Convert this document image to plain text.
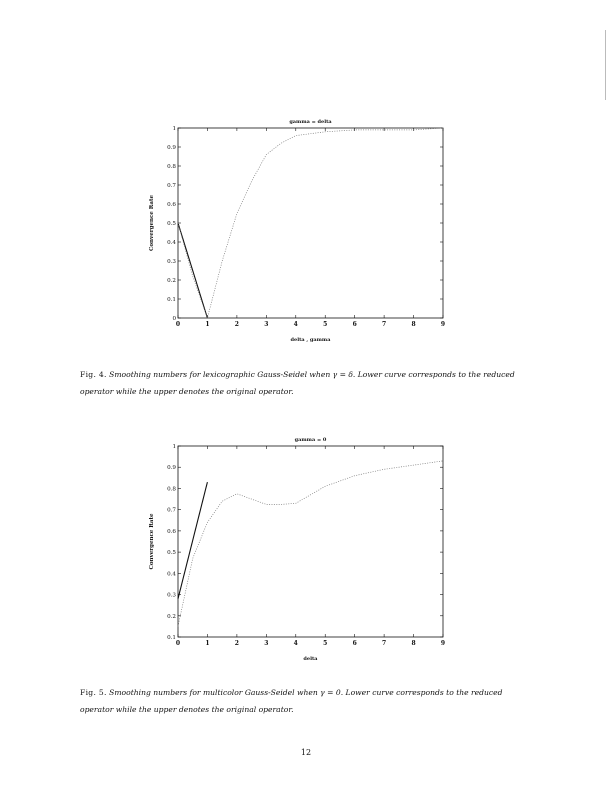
gamma = delta
0	1	2	3	4	5	6	7	8	9
0
0.1
0.2
0.3
0.4
0.5
0.6
0.7
0.8
0.9
1
delta , gamma
Convergence Rate
Fig. 4. Smoothing numbers for lexicographic Gauss-Seidel when γ = δ. Lower curve corresponds to the reduced operator while the upper denotes the original operator.
gamma = 0
0	1	2	3	4	5	6	7	8	9
0.1
0.2
0.3
0.4
0.5
0.6
0.7
0.8
0.9
1
delta
Convergence Rate
Fig. 5. Smoothing numbers for multicolor Gauss-Seidel when γ = 0. Lower curve corresponds to the reduced operator while the upper denotes the original operator.
12
